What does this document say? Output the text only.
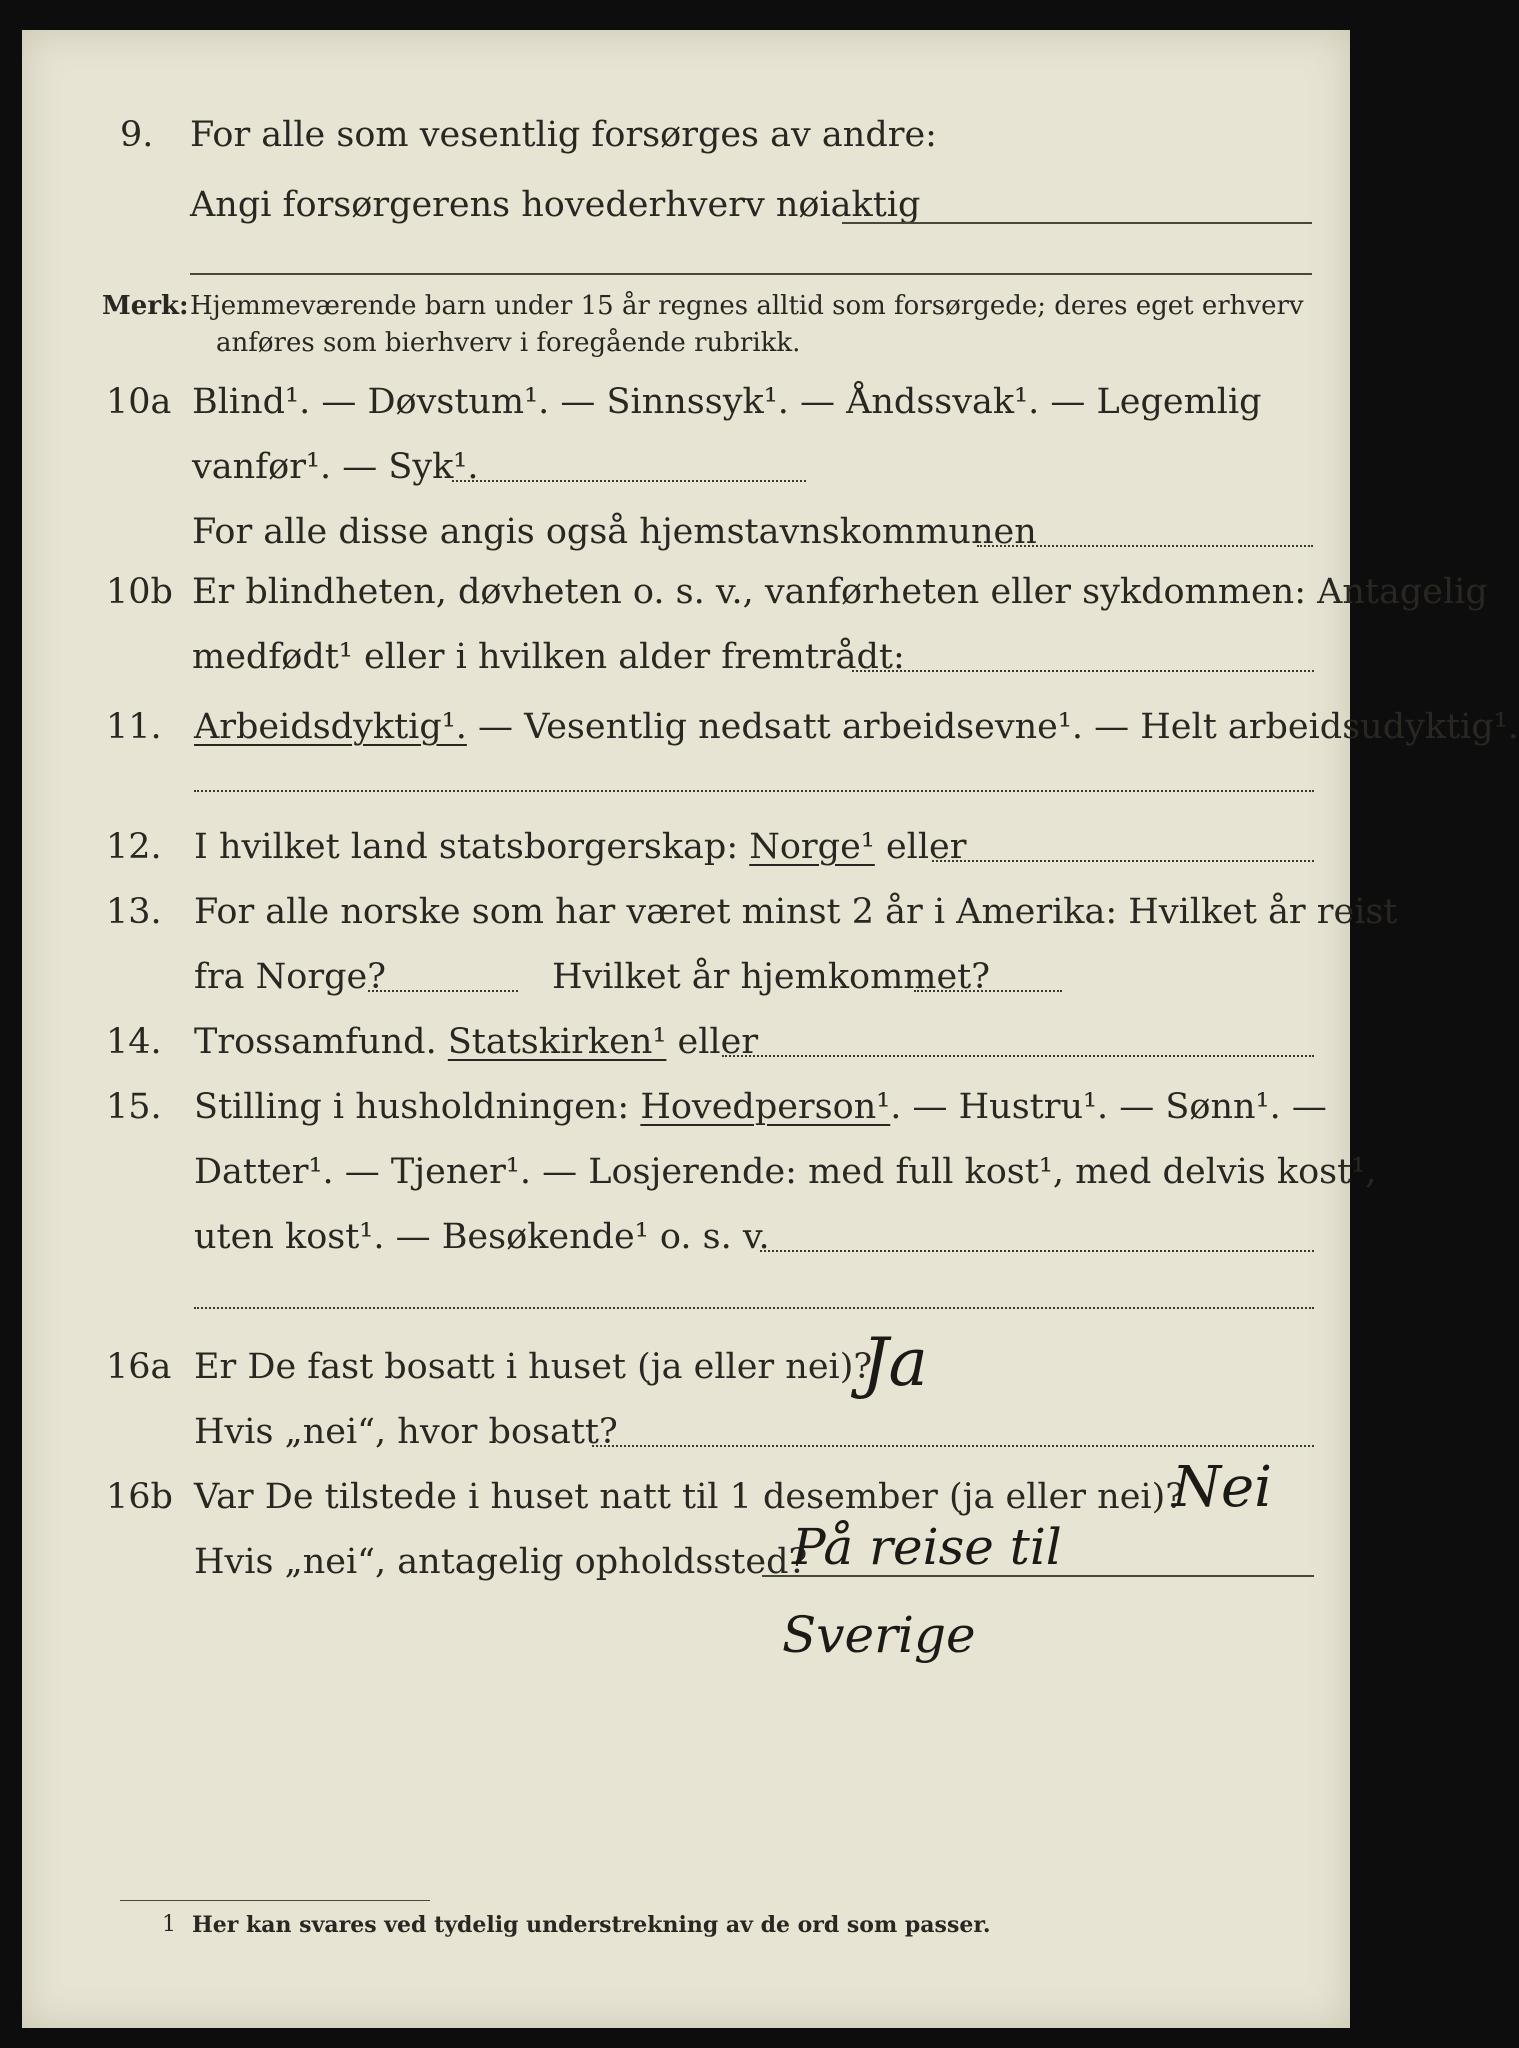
9. For alle som vesentlig forsørges av andre:
Angi forsørgerens hovederhverv nøiaktig
Merk: Hjemmeværende barn under 15 år regnes alltid som forsørgede; deres eget erhverv
anføres som bierhverv i foregående rubrikk.
10a Blind¹. — Døvstum¹. — Sinnssyk¹. — Åndssvak¹. — Legemlig
vanfør¹. — Syk¹.
For alle disse angis også hjemstavnskommunen
10b Er blindheten, døvheten o. s. v., vanførheten eller sykdommen: Antagelig
medfødt¹ eller i hvilken alder fremtrådt:
11. Arbeidsdyktig¹. — Vesentlig nedsatt arbeidsevne¹. — Helt arbeidsudyktig¹.
12. I hvilket land statsborgerskap: Norge¹ eller
13. For alle norske som har været minst 2 år i Amerika: Hvilket år reist
fra Norge?	Hvilket år hjemkommet?
14. Trossamfund. Statskirken¹ eller
15. Stilling i husholdningen: Hovedperson¹. — Hustru¹. — Sønn¹. —
Datter¹. — Tjener¹. — Losjerende: med full kost¹, med delvis kost¹,
uten kost¹. — Besøkende¹ o. s. v.
16a Er De fast bosatt i huset (ja eller nei)?
Ja
Hvis „nei“, hvor bosatt?
16b Var De tilstede i huset natt til 1 desember (ja eller nei)?
Nei
Hvis „nei“, antagelig opholdssted?
På reise til
Sverige
1 Her kan svares ved tydelig understrekning av de ord som passer.
